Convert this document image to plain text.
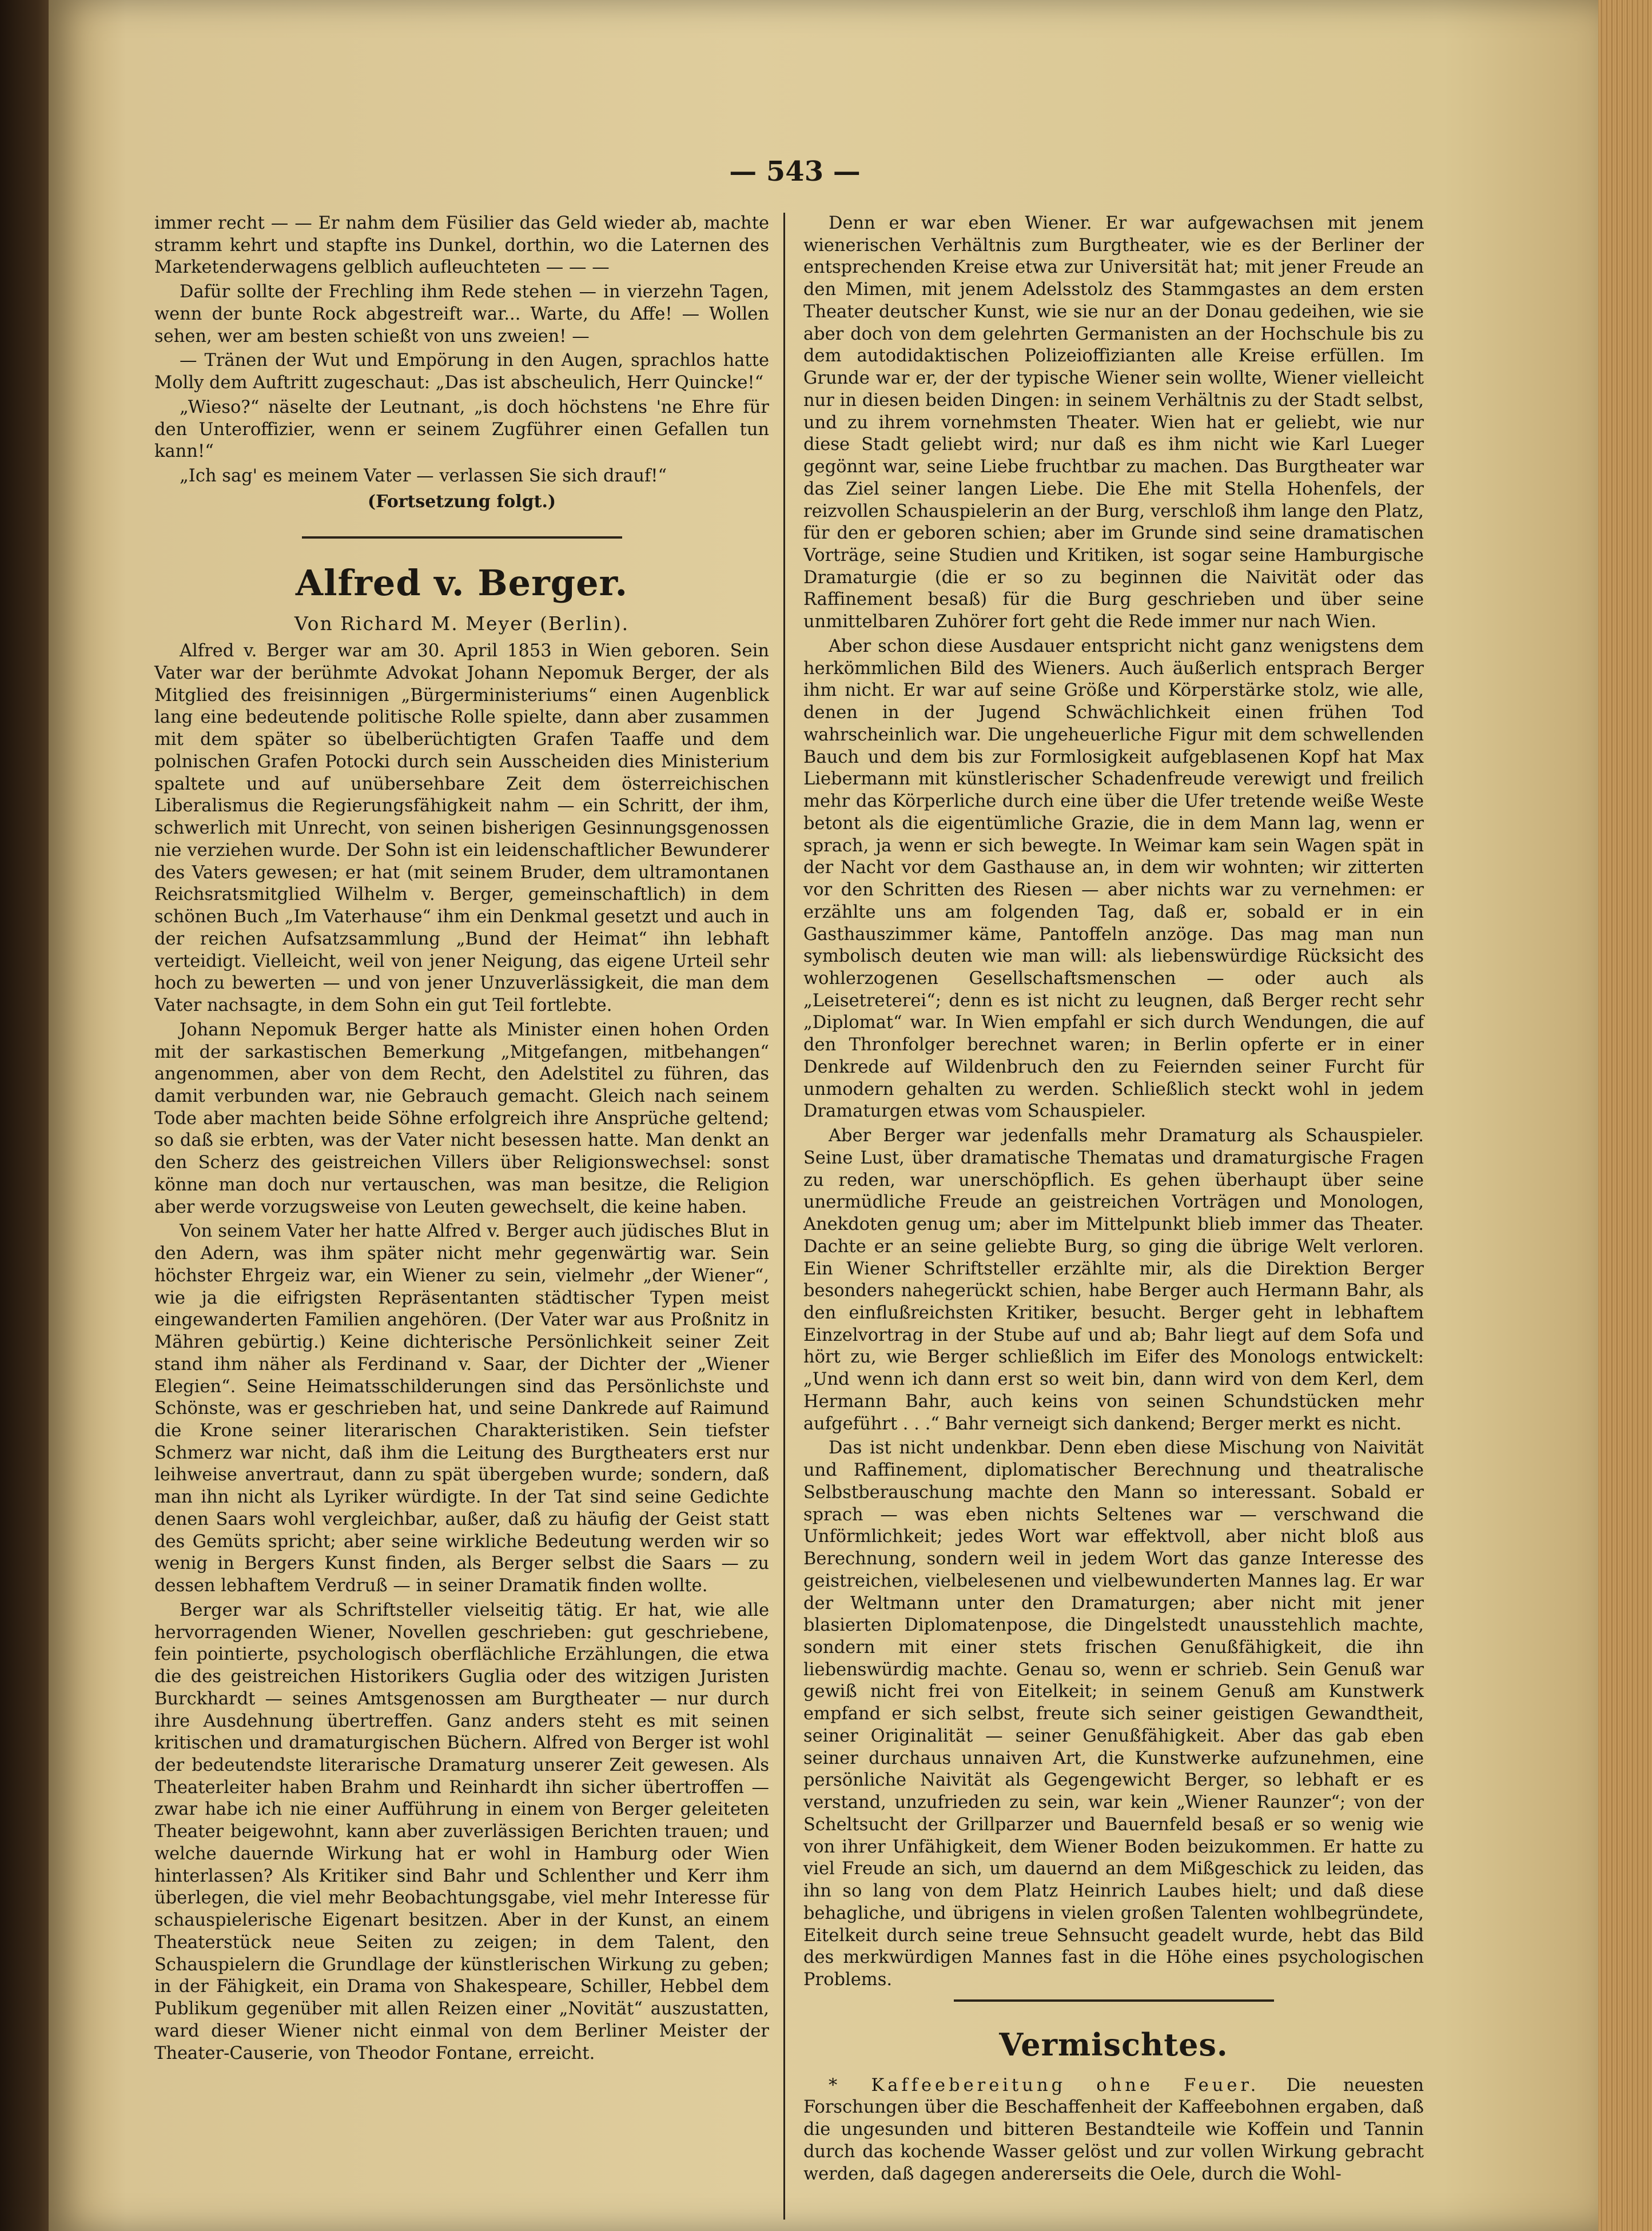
— 543 —

immer recht — — Er nahm dem Füsilier das Geld wieder ab, machte stramm kehrt und stapfte ins Dunkel, dorthin, wo die Laternen des Marketenderwagens gelblich aufleuchteten — — —

Dafür sollte der Frechling ihm Rede stehen — in vierzehn Tagen, wenn der bunte Rock abgestreift war... Warte, du Affe! — Wollen sehen, wer am besten schießt von uns zweien! —

— Tränen der Wut und Empörung in den Augen, sprachlos hatte Molly dem Auftritt zugeschaut: „Das ist abscheulich, Herr Quincke!“

„Wieso?“ näselte der Leutnant, „is doch höchstens 'ne Ehre für den Unteroffizier, wenn er seinem Zugführer einen Gefallen tun kann!“

„Ich sag' es meinem Vater — verlassen Sie sich drauf!“

(Fortsetzung folgt.)
Alfred v. Berger.
Von Richard M. Meyer (Berlin).

Alfred v. Berger war am 30. April 1853 in Wien geboren. Sein Vater war der berühmte Advokat Johann Nepomuk Berger, der als Mitglied des freisinnigen „Bürgerministeriums“ einen Augenblick lang eine bedeutende politische Rolle spielte, dann aber zusammen mit dem später so übelberüchtigten Grafen Taaffe und dem polnischen Grafen Potocki durch sein Ausscheiden dies Ministerium spaltete und auf unübersehbare Zeit dem österreichischen Liberalismus die Regierungsfähigkeit nahm — ein Schritt, der ihm, schwerlich mit Unrecht, von seinen bisherigen Gesinnungsgenossen nie verziehen wurde. Der Sohn ist ein leidenschaftlicher Bewunderer des Vaters gewesen; er hat (mit seinem Bruder, dem ultramontanen Reichsratsmitglied Wilhelm v. Berger, gemeinschaftlich) in dem schönen Buch „Im Vaterhause“ ihm ein Denkmal gesetzt und auch in der reichen Aufsatzsammlung „Bund der Heimat“ ihn lebhaft verteidigt. Vielleicht, weil von jener Neigung, das eigene Urteil sehr hoch zu bewerten — und von jener Unzuverlässigkeit, die man dem Vater nachsagte, in dem Sohn ein gut Teil fortlebte.

Johann Nepomuk Berger hatte als Minister einen hohen Orden mit der sarkastischen Bemerkung „Mitgefangen, mitbehangen“ angenommen, aber von dem Recht, den Adelstitel zu führen, das damit verbunden war, nie Gebrauch gemacht. Gleich nach seinem Tode aber machten beide Söhne erfolgreich ihre Ansprüche geltend; so daß sie erbten, was der Vater nicht besessen hatte. Man denkt an den Scherz des geistreichen Villers über Religionswechsel: sonst könne man doch nur vertauschen, was man besitze, die Religion aber werde vorzugsweise von Leuten gewechselt, die keine haben.

Von seinem Vater her hatte Alfred v. Berger auch jüdisches Blut in den Adern, was ihm später nicht mehr gegenwärtig war. Sein höchster Ehrgeiz war, ein Wiener zu sein, vielmehr „der Wiener“, wie ja die eifrigsten Repräsentanten städtischer Typen meist eingewanderten Familien angehören. (Der Vater war aus Proßnitz in Mähren gebürtig.) Keine dichterische Persönlichkeit seiner Zeit stand ihm näher als Ferdinand v. Saar, der Dichter der „Wiener Elegien“. Seine Heimatsschilderungen sind das Persönlichste und Schönste, was er geschrieben hat, und seine Dankrede auf Raimund die Krone seiner literarischen Charakteristiken. Sein tiefster Schmerz war nicht, daß ihm die Leitung des Burgtheaters erst nur leihweise anvertraut, dann zu spät übergeben wurde; sondern, daß man ihn nicht als Lyriker würdigte. In der Tat sind seine Gedichte denen Saars wohl vergleichbar, außer, daß zu häufig der Geist statt des Gemüts spricht; aber seine wirkliche Bedeutung werden wir so wenig in Bergers Kunst finden, als Berger selbst die Saars — zu dessen lebhaftem Verdruß — in seiner Dramatik finden wollte.

Berger war als Schriftsteller vielseitig tätig. Er hat, wie alle hervorragenden Wiener, Novellen geschrieben: gut geschriebene, fein pointierte, psychologisch oberflächliche Erzählungen, die etwa die des geistreichen Historikers Guglia oder des witzigen Juristen Burckhardt — seines Amtsgenossen am Burgtheater — nur durch ihre Ausdehnung übertreffen. Ganz anders steht es mit seinen kritischen und dramaturgischen Büchern. Alfred von Berger ist wohl der bedeutendste literarische Dramaturg unserer Zeit gewesen. Als Theaterleiter haben Brahm und Reinhardt ihn sicher übertroffen — zwar habe ich nie einer Aufführung in einem von Berger geleiteten Theater beigewohnt, kann aber zuverlässigen Berichten trauen; und welche dauernde Wirkung hat er wohl in Hamburg oder Wien hinterlassen? Als Kritiker sind Bahr und Schlenther und Kerr ihm überlegen, die viel mehr Beobachtungsgabe, viel mehr Interesse für schauspielerische Eigenart besitzen. Aber in der Kunst, an einem Theaterstück neue Seiten zu zeigen; in dem Talent, den Schauspielern die Grundlage der künstlerischen Wirkung zu geben; in der Fähigkeit, ein Drama von Shakespeare, Schiller, Hebbel dem Publikum gegenüber mit allen Reizen einer „Novität“ auszustatten, ward dieser Wiener nicht einmal von dem Berliner Meister der Theater-Causerie, von Theodor Fontane, erreicht.

Denn er war eben Wiener. Er war aufgewachsen mit jenem wienerischen Verhältnis zum Burgtheater, wie es der Berliner der entsprechenden Kreise etwa zur Universität hat; mit jener Freude an den Mimen, mit jenem Adelsstolz des Stammgastes an dem ersten Theater deutscher Kunst, wie sie nur an der Donau gedeihen, wie sie aber doch von dem gelehrten Germanisten an der Hochschule bis zu dem autodidaktischen Polizeioffizianten alle Kreise erfüllen. Im Grunde war er, der der typische Wiener sein wollte, Wiener vielleicht nur in diesen beiden Dingen: in seinem Verhältnis zu der Stadt selbst, und zu ihrem vornehmsten Theater. Wien hat er geliebt, wie nur diese Stadt geliebt wird; nur daß es ihm nicht wie Karl Lueger gegönnt war, seine Liebe fruchtbar zu machen. Das Burgtheater war das Ziel seiner langen Liebe. Die Ehe mit Stella Hohenfels, der reizvollen Schauspielerin an der Burg, verschloß ihm lange den Platz, für den er geboren schien; aber im Grunde sind seine dramatischen Vorträge, seine Studien und Kritiken, ist sogar seine Hamburgische Dramaturgie (die er so zu beginnen die Naivität oder das Raffinement besaß) für die Burg geschrieben und über seine unmittelbaren Zuhörer fort geht die Rede immer nur nach Wien.

Aber schon diese Ausdauer entspricht nicht ganz wenigstens dem herkömmlichen Bild des Wieners. Auch äußerlich entsprach Berger ihm nicht. Er war auf seine Größe und Körperstärke stolz, wie alle, denen in der Jugend Schwächlichkeit einen frühen Tod wahrscheinlich war. Die ungeheuerliche Figur mit dem schwellenden Bauch und dem bis zur Formlosigkeit aufgeblasenen Kopf hat Max Liebermann mit künstlerischer Schadenfreude verewigt und freilich mehr das Körperliche durch eine über die Ufer tretende weiße Weste betont als die eigentümliche Grazie, die in dem Mann lag, wenn er sprach, ja wenn er sich bewegte. In Weimar kam sein Wagen spät in der Nacht vor dem Gasthause an, in dem wir wohnten; wir zitterten vor den Schritten des Riesen — aber nichts war zu vernehmen: er erzählte uns am folgenden Tag, daß er, sobald er in ein Gasthauszimmer käme, Pantoffeln anzöge. Das mag man nun symbolisch deuten wie man will: als liebenswürdige Rücksicht des wohlerzogenen Gesellschaftsmenschen — oder auch als „Leisetreterei“; denn es ist nicht zu leugnen, daß Berger recht sehr „Diplomat“ war. In Wien empfahl er sich durch Wendungen, die auf den Thronfolger berechnet waren; in Berlin opferte er in einer Denkrede auf Wildenbruch den zu Feiernden seiner Furcht für unmodern gehalten zu werden. Schließlich steckt wohl in jedem Dramaturgen etwas vom Schauspieler.

Aber Berger war jedenfalls mehr Dramaturg als Schauspieler. Seine Lust, über dramatische Thematas und dramaturgische Fragen zu reden, war unerschöpflich. Es gehen überhaupt über seine unermüdliche Freude an geistreichen Vorträgen und Monologen, Anekdoten genug um; aber im Mittelpunkt blieb immer das Theater. Dachte er an seine geliebte Burg, so ging die übrige Welt verloren. Ein Wiener Schriftsteller erzählte mir, als die Direktion Berger besonders nahegerückt schien, habe Berger auch Hermann Bahr, als den einflußreichsten Kritiker, besucht. Berger geht in lebhaftem Einzelvortrag in der Stube auf und ab; Bahr liegt auf dem Sofa und hört zu, wie Berger schließlich im Eifer des Monologs entwickelt: „Und wenn ich dann erst so weit bin, dann wird von dem Kerl, dem Hermann Bahr, auch keins von seinen Schundstücken mehr aufgeführt . . .“ Bahr verneigt sich dankend; Berger merkt es nicht.

Das ist nicht undenkbar. Denn eben diese Mischung von Naivität und Raffinement, diplomatischer Berechnung und theatralische Selbstberauschung machte den Mann so interessant. Sobald er sprach — was eben nichts Seltenes war — verschwand die Unförmlichkeit; jedes Wort war effektvoll, aber nicht bloß aus Berechnung, sondern weil in jedem Wort das ganze Interesse des geistreichen, vielbelesenen und vielbewunderten Mannes lag. Er war der Weltmann unter den Dramaturgen; aber nicht mit jener blasierten Diplomatenpose, die Dingelstedt unausstehlich machte, sondern mit einer stets frischen Genußfähigkeit, die ihn liebenswürdig machte. Genau so, wenn er schrieb. Sein Genuß war gewiß nicht frei von Eitelkeit; in seinem Genuß am Kunstwerk empfand er sich selbst, freute sich seiner geistigen Gewandtheit, seiner Originalität — seiner Genußfähigkeit. Aber das gab eben seiner durchaus unnaiven Art, die Kunstwerke aufzunehmen, eine persönliche Naivität als Gegengewicht Berger, so lebhaft er es verstand, unzufrieden zu sein, war kein „Wiener Raunzer“; von der Scheltsucht der Grillparzer und Bauernfeld besaß er so wenig wie von ihrer Unfähigkeit, dem Wiener Boden beizukommen. Er hatte zu viel Freude an sich, um dauernd an dem Mißgeschick zu leiden, das ihn so lang von dem Platz Heinrich Laubes hielt; und daß diese behagliche, und übrigens in vielen großen Talenten wohlbegründete, Eitelkeit durch seine treue Sehnsucht geadelt wurde, hebt das Bild des merkwürdigen Mannes fast in die Höhe eines psychologischen Problems.

Vermischtes.

* Kaffeebereitung ohne Feuer. Die neuesten Forschungen über die Beschaffenheit der Kaffeebohnen ergaben, daß die ungesunden und bitteren Bestandteile wie Koffein und Tannin durch das kochende Wasser gelöst und zur vollen Wirkung gebracht werden, daß dagegen andererseits die Oele, durch die Wohl-
